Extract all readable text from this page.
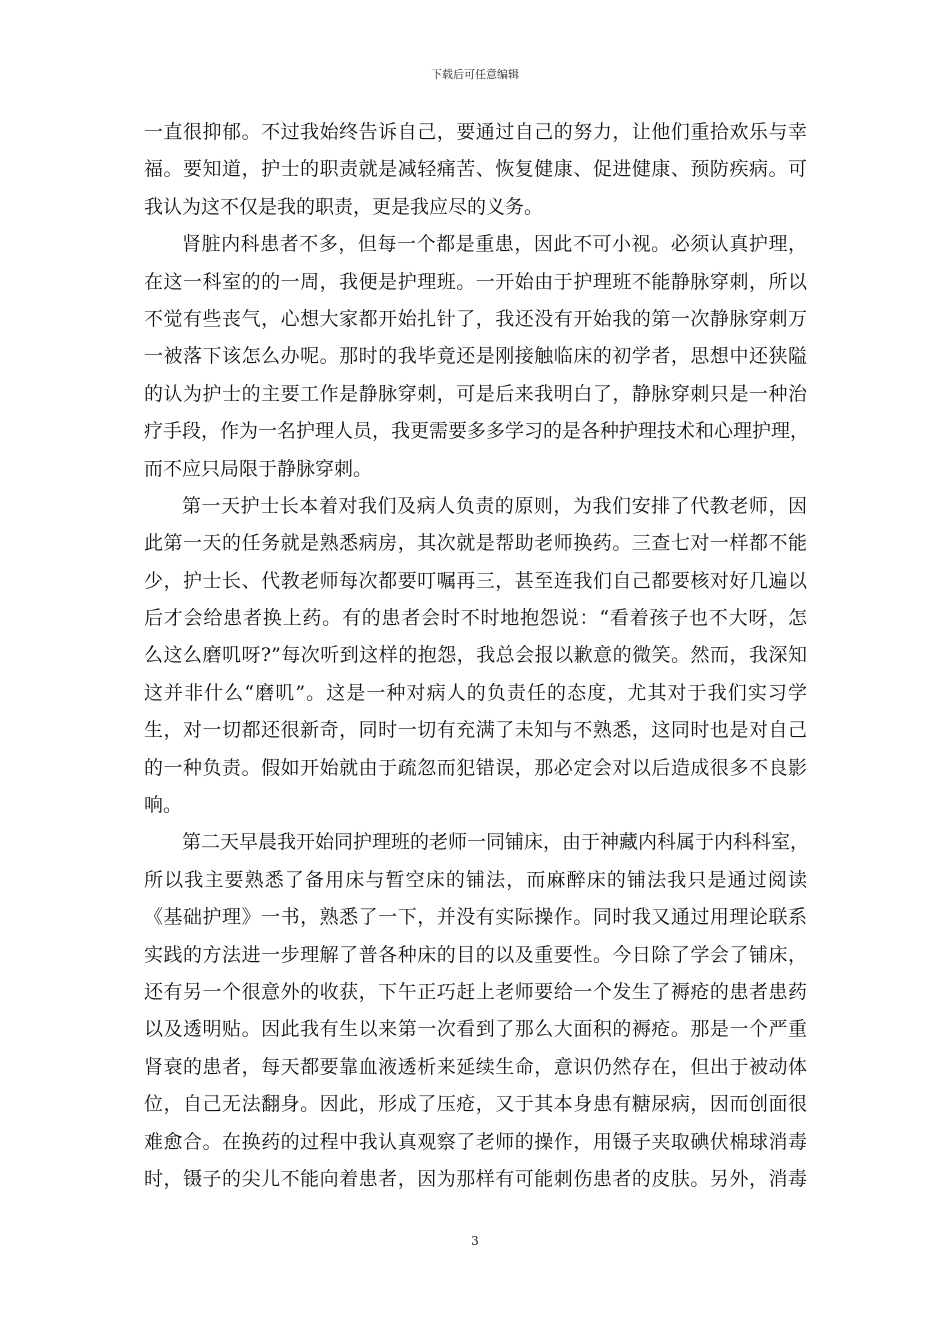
下载后可任意编辑
一直很抑郁。不过我始终告诉自己，要通过自己的努力，让他们重拾欢乐与幸
福。要知道，护士的职责就是减轻痛苦、恢复健康、促进健康、预防疾病。可
我认为这不仅是我的职责，更是我应尽的义务。
肾脏内科患者不多，但每一个都是重患，因此不可小视。必须认真护理，
在这一科室的的一周，我便是护理班。一开始由于护理班不能静脉穿刺，所以
不觉有些丧气，心想大家都开始扎针了，我还没有开始我的第一次静脉穿刺万
一被落下该怎么办呢。那时的我毕竟还是刚接触临床的初学者，思想中还狭隘
的认为护士的主要工作是静脉穿刺，可是后来我明白了，静脉穿刺只是一种治
疗手段，作为一名护理人员，我更需要多多学习的是各种护理技术和心理护理，
而不应只局限于静脉穿刺。
第一天护士长本着对我们及病人负责的原则，为我们安排了代教老师，因
此第一天的任务就是熟悉病房，其次就是帮助老师换药。三查七对一样都不能
少，护士长、代教老师每次都要叮嘱再三，甚至连我们自己都要核对好几遍以
后才会给患者换上药。有的患者会时不时地抱怨说：“看着孩子也不大呀，怎
么这么磨叽呀?”每次听到这样的抱怨，我总会报以歉意的微笑。然而，我深知
这并非什么“磨叽”。这是一种对病人的负责任的态度，尤其对于我们实习学
生，对一切都还很新奇，同时一切有充满了未知与不熟悉，这同时也是对自己
的一种负责。假如开始就由于疏忽而犯错误，那必定会对以后造成很多不良影
响。
第二天早晨我开始同护理班的老师一同铺床，由于神藏内科属于内科科室，
所以我主要熟悉了备用床与暂空床的铺法，而麻醉床的铺法我只是通过阅读
《基础护理》一书，熟悉了一下，并没有实际操作。同时我又通过用理论联系
实践的方法进一步理解了普各种床的目的以及重要性。今日除了学会了铺床，
还有另一个很意外的收获，下午正巧赶上老师要给一个发生了褥疮的患者患药
以及透明贴。因此我有生以来第一次看到了那么大面积的褥疮。那是一个严重
肾衰的患者，每天都要靠血液透析来延续生命，意识仍然存在，但出于被动体
位，自己无法翻身。因此，形成了压疮，又于其本身患有糖尿病，因而创面很
难愈合。在换药的过程中我认真观察了老师的操作，用镊子夹取碘伏棉球消毒
时，镊子的尖儿不能向着患者，因为那样有可能刺伤患者的皮肤。另外，消毒
3
